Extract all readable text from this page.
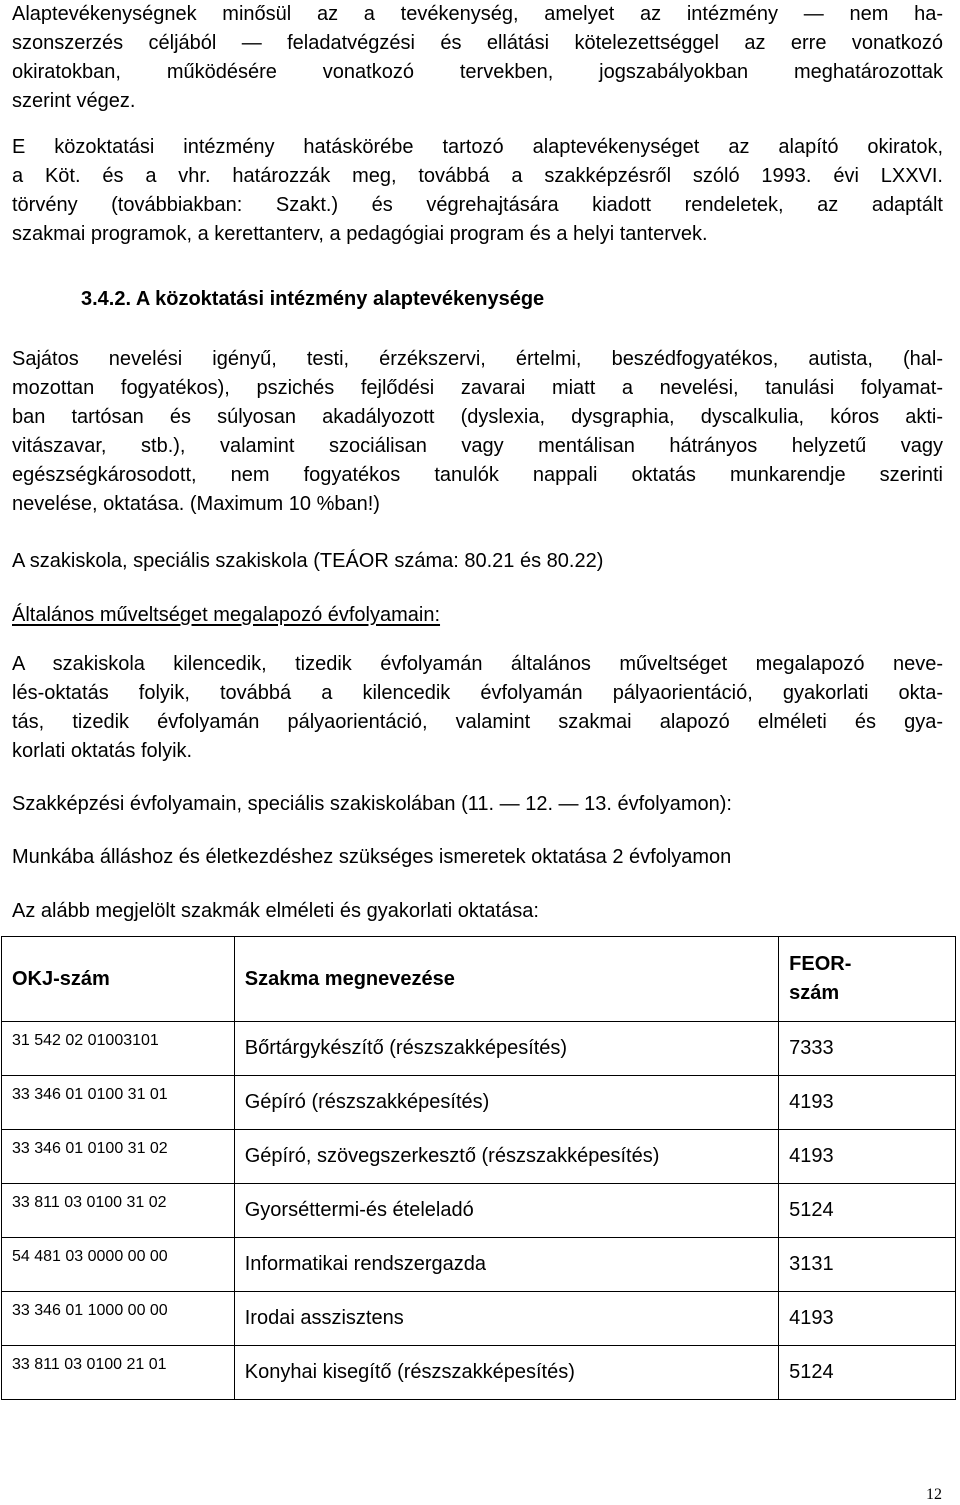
Alaptevékenységnek minősül az a tevékenység, amelyet az intézmény — nem ha-
szonszerzés céljából — feladatvégzési és ellátási kötelezettséggel az erre vonatkozó
okiratokban, működésére vonatkozó tervekben, jogszabályokban meghatározottak
szerint végez.

E közoktatási intézmény hatáskörébe tartozó alaptevékenységet az alapító okiratok,
a Köt. és a vhr. határozzák meg, továbbá a szakképzésről szóló 1993. évi LXXVI.
törvény (továbbiakban: Szakt.) és végrehajtására kiadott rendeletek, az adaptált
szakmai programok, a kerettanterv, a pedagógiai program és a helyi tantervek.

3.4.2. A közoktatási intézmény alaptevékenysége

Sajátos nevelési igényű, testi, érzékszervi, értelmi, beszédfogyatékos, autista, (hal-
mozottan fogyatékos), pszichés fejlődési zavarai miatt a nevelési, tanulási folyamat-
ban tartósan és súlyosan akadályozott (dyslexia, dysgraphia, dyscalkulia, kóros akti-
vitászavar, stb.), valamint szociálisan vagy mentálisan hátrányos helyzetű vagy
egészségkárosodott, nem fogyatékos tanulók nappali oktatás munkarendje szerinti
nevelése, oktatása. (Maximum 10 %ban!)

A szakiskola, speciális szakiskola (TEÁOR száma: 80.21 és 80.22)

Általános műveltséget megalapozó évfolyamain:

A szakiskola kilencedik, tizedik évfolyamán általános műveltséget megalapozó neve-
lés-oktatás folyik, továbbá a kilencedik évfolyamán pályaorientáció, gyakorlati okta-
tás, tizedik évfolyamán pályaorientáció, valamint szakmai alapozó elméleti és gya-
korlati oktatás folyik.

Szakképzési évfolyamain, speciális szakiskolában (11. — 12. — 13. évfolyamon):

Munkába álláshoz és életkezdéshez szükséges ismeretek oktatása 2 évfolyamon

Az alább megjelölt szakmák elméleti és gyakorlati oktatása:

OKJ-szám	Szakma megnevezése	FEOR-
szám

31 542 02 01003101	Bőrtárgykészítő (részszakképesítés)	7333
33 346 01 0100 31 01	Gépíró (részszakképesítés)	4193
33 346 01 0100 31 02	Gépíró, szövegszerkesztő (részszakképesítés)	4193
33 811 03 0100 31 02	Gyorséttermi-és ételeladó	5124
54 481 03 0000 00 00	Informatikai rendszergazda	3131
33 346 01 1000 00 00	Irodai asszisztens	4193
33 811 03 0100 21 01	Konyhai kisegítő (részszakképesítés)	5124
12
